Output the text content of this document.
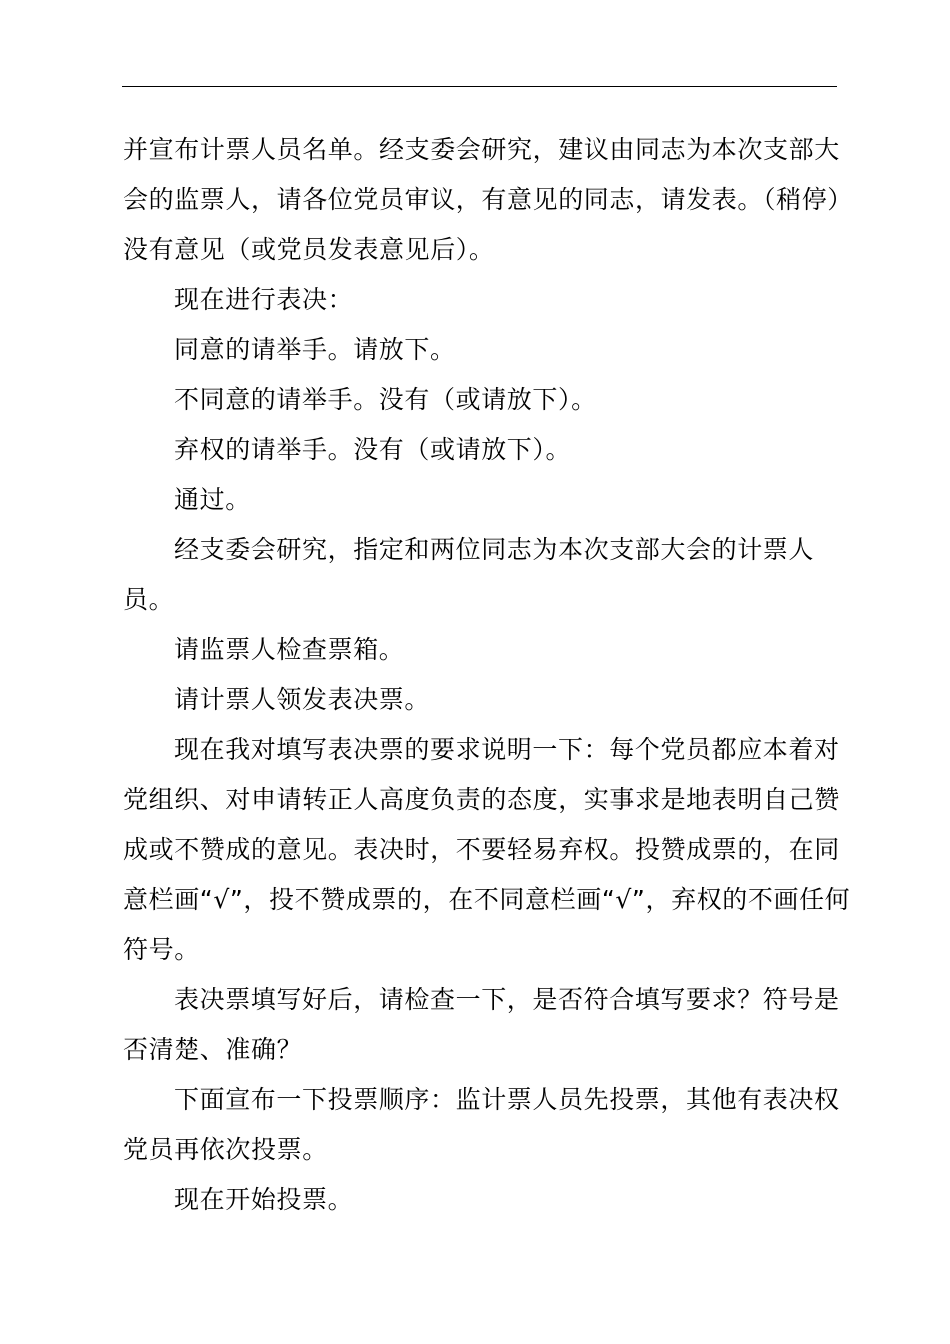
并宣布计票人员名单。经支委会研究，建议由同志为本次支部大会的监票人，请各位党员审议，有意见的同志，请发表。（稍停）没有意见（或党员发表意见后）。

现在进行表决：

同意的请举手。请放下。

不同意的请举手。没有（或请放下）。

弃权的请举手。没有（或请放下）。

通过。

经支委会研究，指定和两位同志为本次支部大会的计票人员。

请监票人检查票箱。

请计票人领发表决票。

现在我对填写表决票的要求说明一下：每个党员都应本着对党组织、对申请转正人高度负责的态度，实事求是地表明自己赞成或不赞成的意见。表决时，不要轻易弃权。投赞成票的，在同意栏画“√”，投不赞成票的，在不同意栏画“√”，弃权的不画任何符号。

表决票填写好后，请检查一下，是否符合填写要求？符号是否清楚、准确？

下面宣布一下投票顺序：监计票人员先投票，其他有表决权党员再依次投票。

现在开始投票。
